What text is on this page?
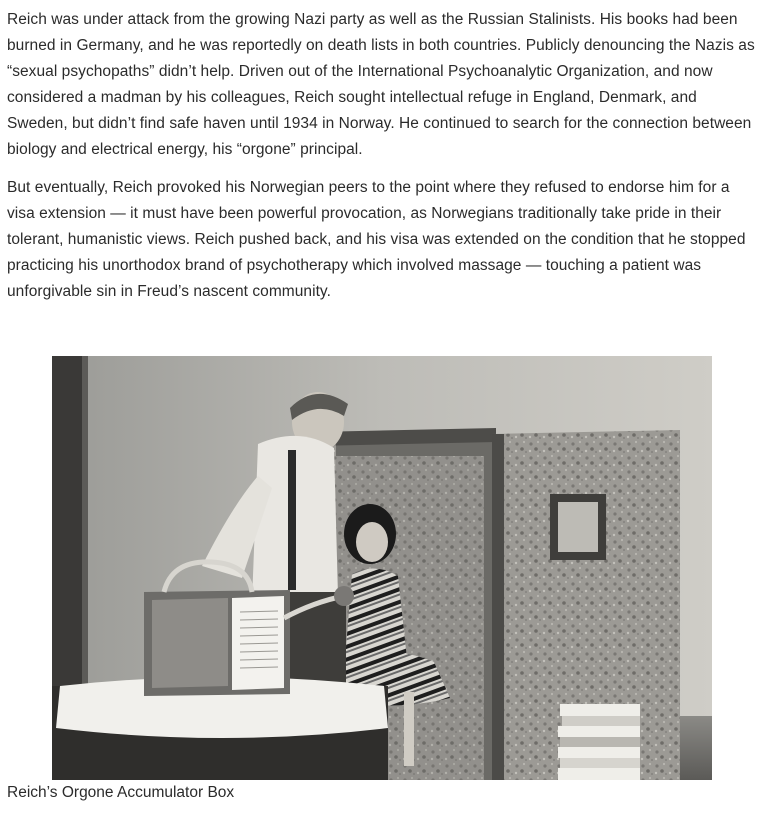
Reich was under attack from the growing Nazi party as well as the Russian Stalinists. His books had been burned in Germany, and he was reportedly on death lists in both countries. Publicly denouncing the Nazis as “sexual psychopaths” didn’t help. Driven out of the International Psychoanalytic Organization, and now considered a madman by his colleagues, Reich sought intellectual refuge in England, Denmark, and Sweden, but didn’t find safe haven until 1934 in Norway. He continued to search for the connection between biology and electrical energy, his “orgone” principal.

But eventually, Reich provoked his Norwegian peers to the point where they refused to endorse him for a visa extension — it must have been powerful provocation, as Norwegians traditionally take pride in their tolerant, humanistic views. Reich pushed back, and his visa was extended on the condition that he stopped practicing his unorthodox brand of psychotherapy which involved massage — touching a patient was unforgivable sin in Freud’s nascent community.

Reich’s Orgone Accumulator Box
